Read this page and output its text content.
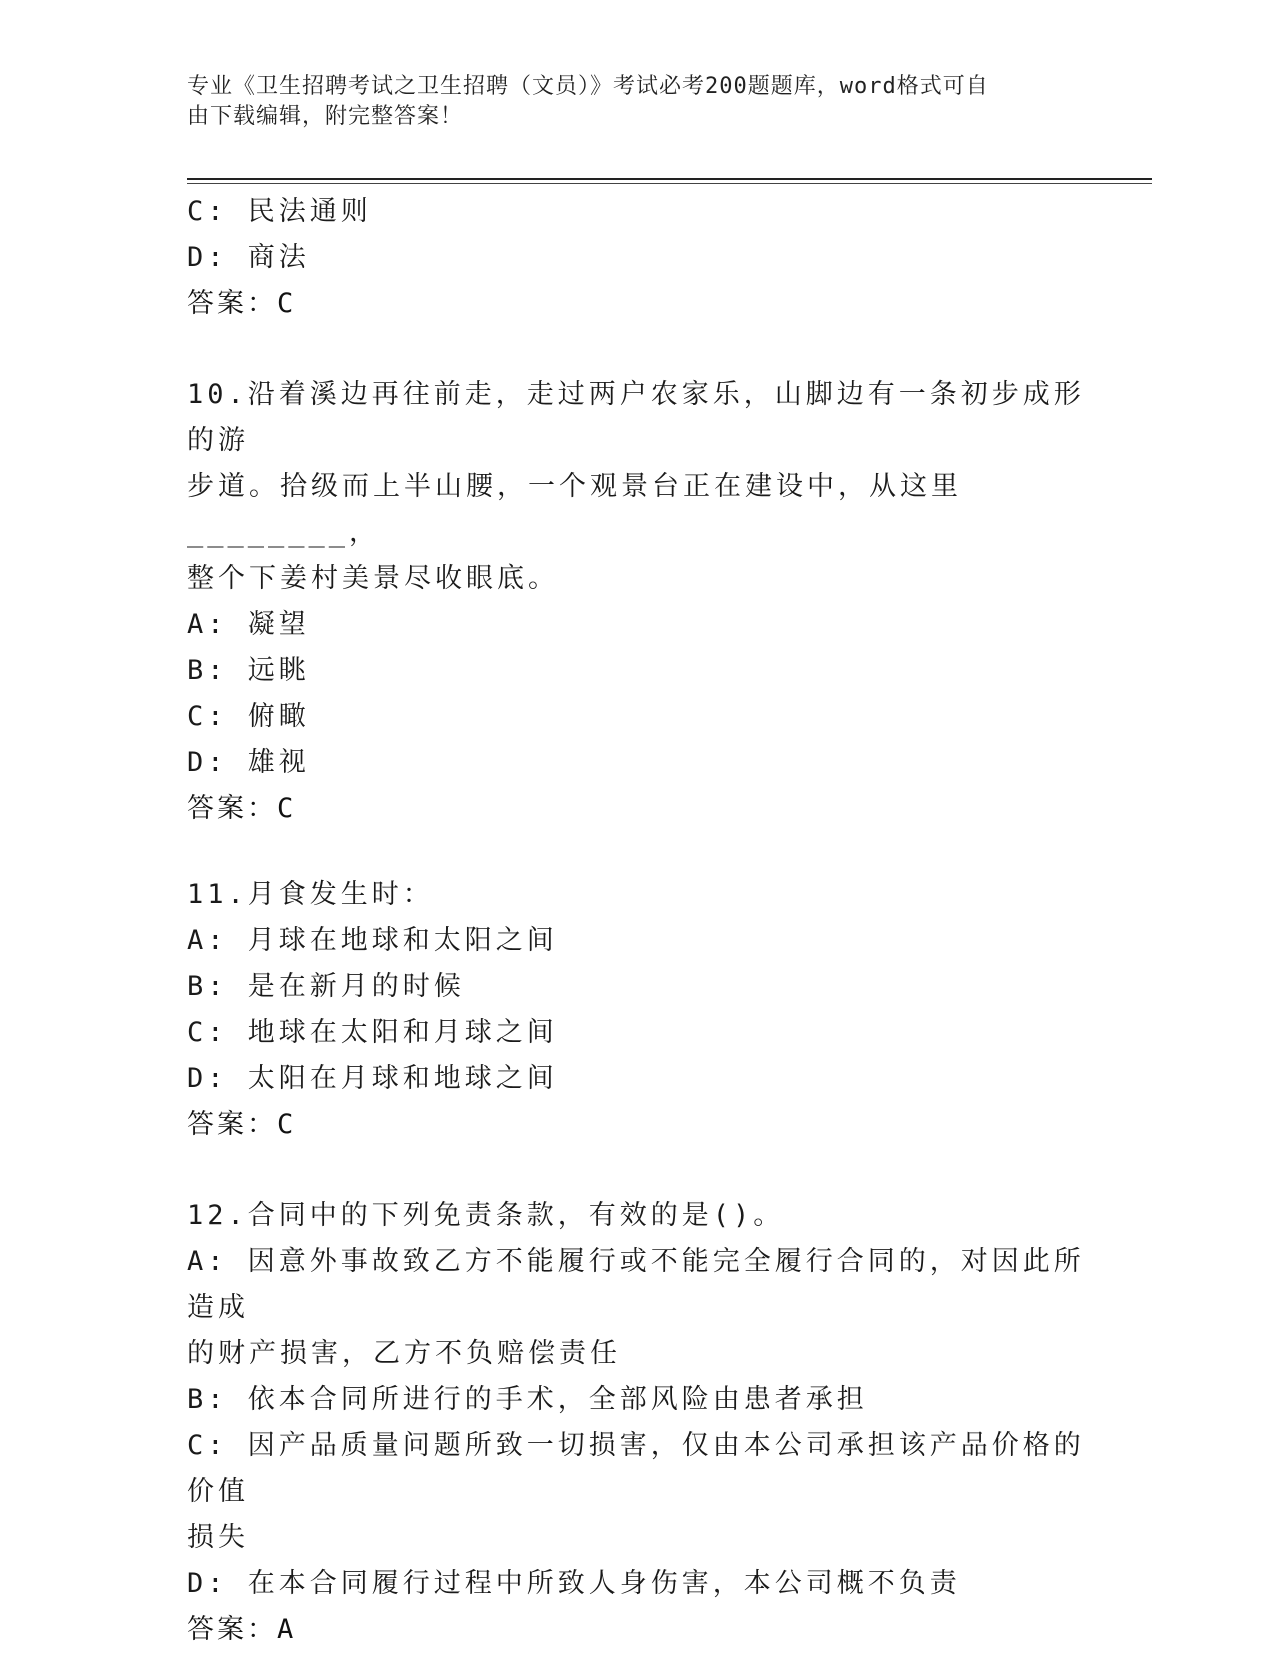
专业《卫生招聘考试之卫生招聘（文员）》考试必考200题题库，word格式可自
由下载编辑，附完整答案！

C: 民法通则

D: 商法

答案：C

10.沿着溪边再往前走，走过两户农家乐，山脚边有一条初步成形的游

步道。拾级而上半山腰，一个观景台正在建设中，从这里________，

整个下姜村美景尽收眼底。

A: 凝望

B: 远眺

C: 俯瞰

D: 雄视

答案：C

11.月食发生时：

A: 月球在地球和太阳之间

B: 是在新月的时候

C: 地球在太阳和月球之间

D: 太阳在月球和地球之间

答案：C

12.合同中的下列免责条款，有效的是()。

A: 因意外事故致乙方不能履行或不能完全履行合同的，对因此所造成

的财产损害，乙方不负赔偿责任

B: 依本合同所进行的手术，全部风险由患者承担

C: 因产品质量问题所致一切损害，仅由本公司承担该产品价格的价值

损失

D: 在本合同履行过程中所致人身伤害，本公司概不负责

答案：A
